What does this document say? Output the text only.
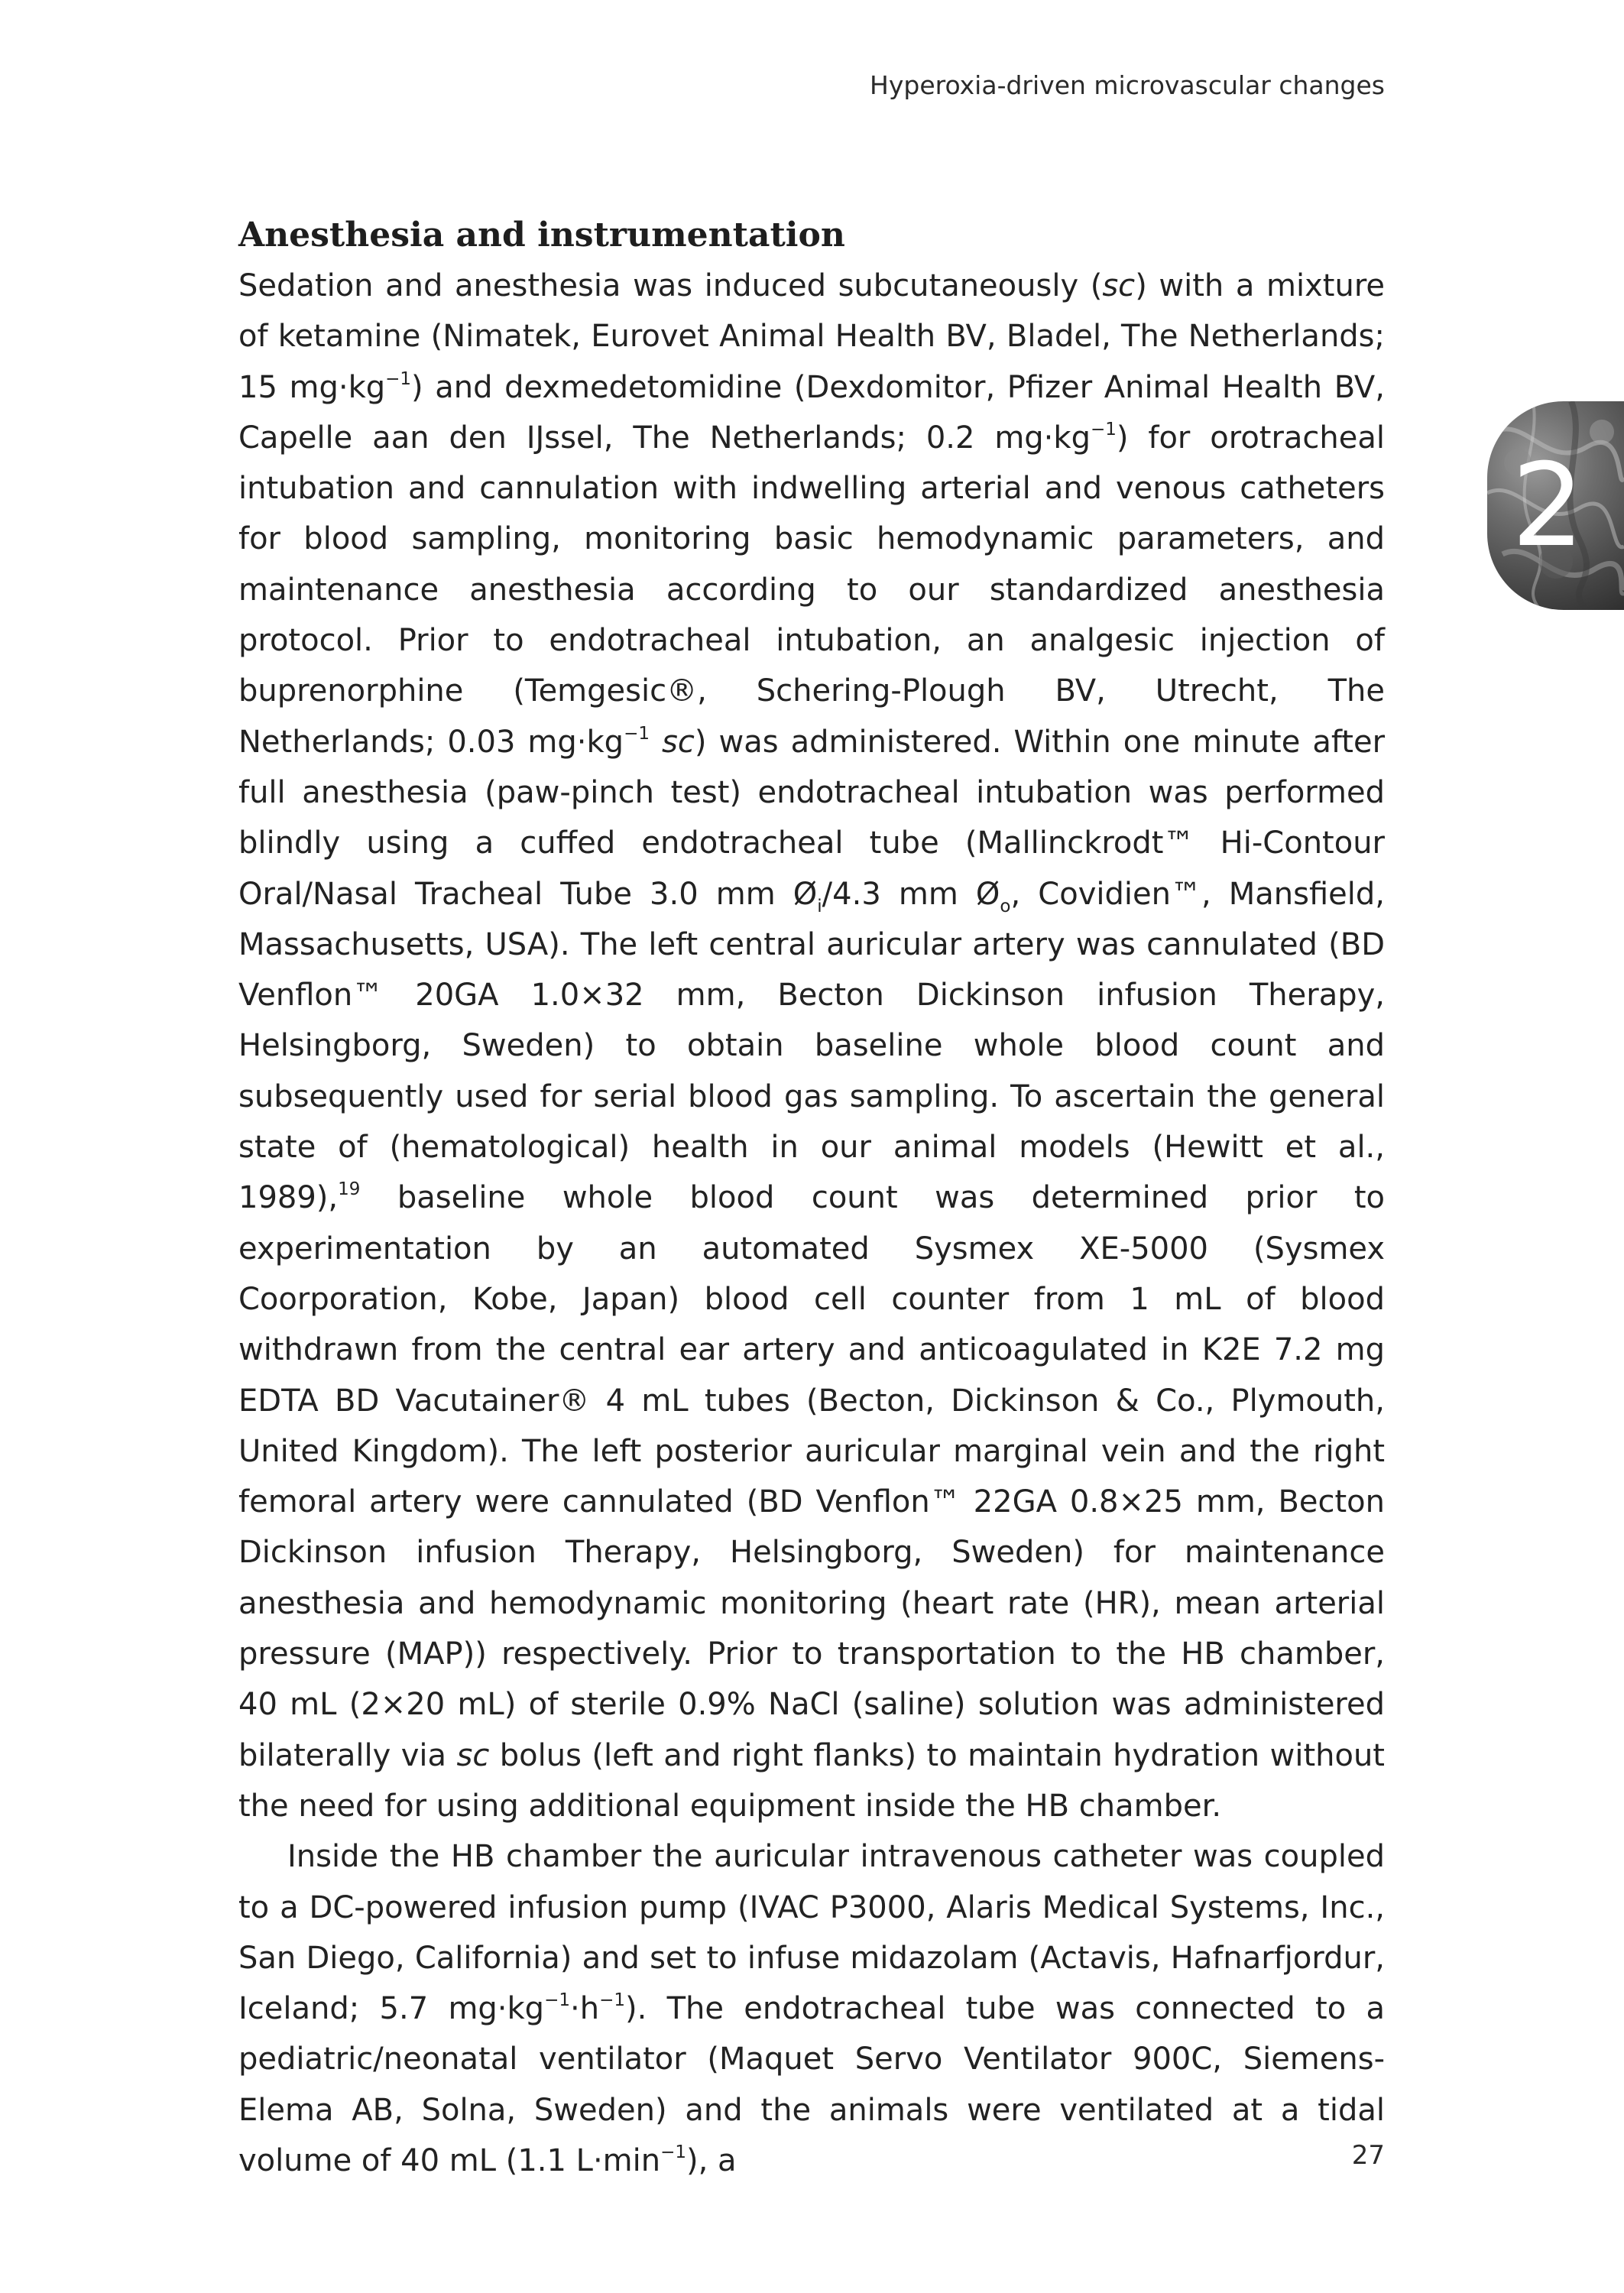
Hyperoxia-driven microvascular changes
2
Anesthesia and instrumentation

Sedation and anesthesia was induced subcutaneously (sc) with a mixture of ketamine (Nimatek, Eurovet Animal Health BV, Bladel, The Netherlands; 15 $mg\cdot kg^{-1}$) and dexmedetomidine (Dexdomitor, Pfizer Animal Health BV, Capelle aan den IJssel, The Netherlands; 0.2 $mg\cdot kg^{-1}$) for orotracheal intubation and cannulation with indwelling arterial and venous catheters for blood sampling, monitoring basic hemodynamic parameters, and maintenance anesthesia according to our standardized anesthesia protocol. Prior to endotracheal intubation, an analgesic injection of buprenorphine (Temgesic®, Schering-Plough BV, Utrecht, The Netherlands; 0.03 $mg\cdot kg^{-1}$ sc) was administered. Within one minute after full anesthesia (paw-pinch test) endotracheal intubation was performed blindly using a cuffed endotracheal tube (Mallinckrodt™ Hi-Contour Oral/Nasal Tracheal Tube 3.0 mm $Ø_i/4.3$ mm $Ø_o$, Covidien™, Mansfield, Massachusetts, USA). The left central auricular artery was cannulated (BD Venflon™ 20GA 1.0×32 mm, Becton Dickinson infusion Therapy, Helsingborg, Sweden) to obtain baseline whole blood count and subsequently used for serial blood gas sampling. To ascertain the general state of (hematological) health in our animal models (Hewitt et al., 1989),$^{19}$ baseline whole blood count was determined prior to experimentation by an automated Sysmex XE-5000 (Sysmex Coorporation, Kobe, Japan) blood cell counter from 1 mL of blood withdrawn from the central ear artery and anticoagulated in K2E 7.2 mg EDTA BD Vacutainer® 4 mL tubes (Becton, Dickinson & Co., Plymouth, United Kingdom). The left posterior auricular marginal vein and the right femoral artery were cannulated (BD Venflon™ 22GA 0.8×25 mm, Becton Dickinson infusion Therapy, Helsingborg, Sweden) for maintenance anesthesia and hemodynamic monitoring (heart rate (HR), mean arterial pressure (MAP)) respectively. Prior to transportation to the HB chamber, 40 mL (2×20 mL) of sterile 0.9% NaCl (saline) solution was administered bilaterally via sc bolus (left and right flanks) to maintain hydration without the need for using additional equipment inside the HB chamber.

Inside the HB chamber the auricular intravenous catheter was coupled to a DC-powered infusion pump (IVAC P3000, Alaris Medical Systems, Inc., San Diego, California) and set to infuse midazolam (Actavis, Hafnarfjordur, Iceland; 5.7 $mg\cdot kg^{-1}\cdot h^{-1}$). The endotracheal tube was connected to a pediatric/neonatal ventilator (Maquet Servo Ventilator 900C, Siemens-Elema AB, Solna, Sweden) and the animals were ventilated at a tidal volume of 40 mL (1.1 $L\cdot\min^{-1}$), a	27
